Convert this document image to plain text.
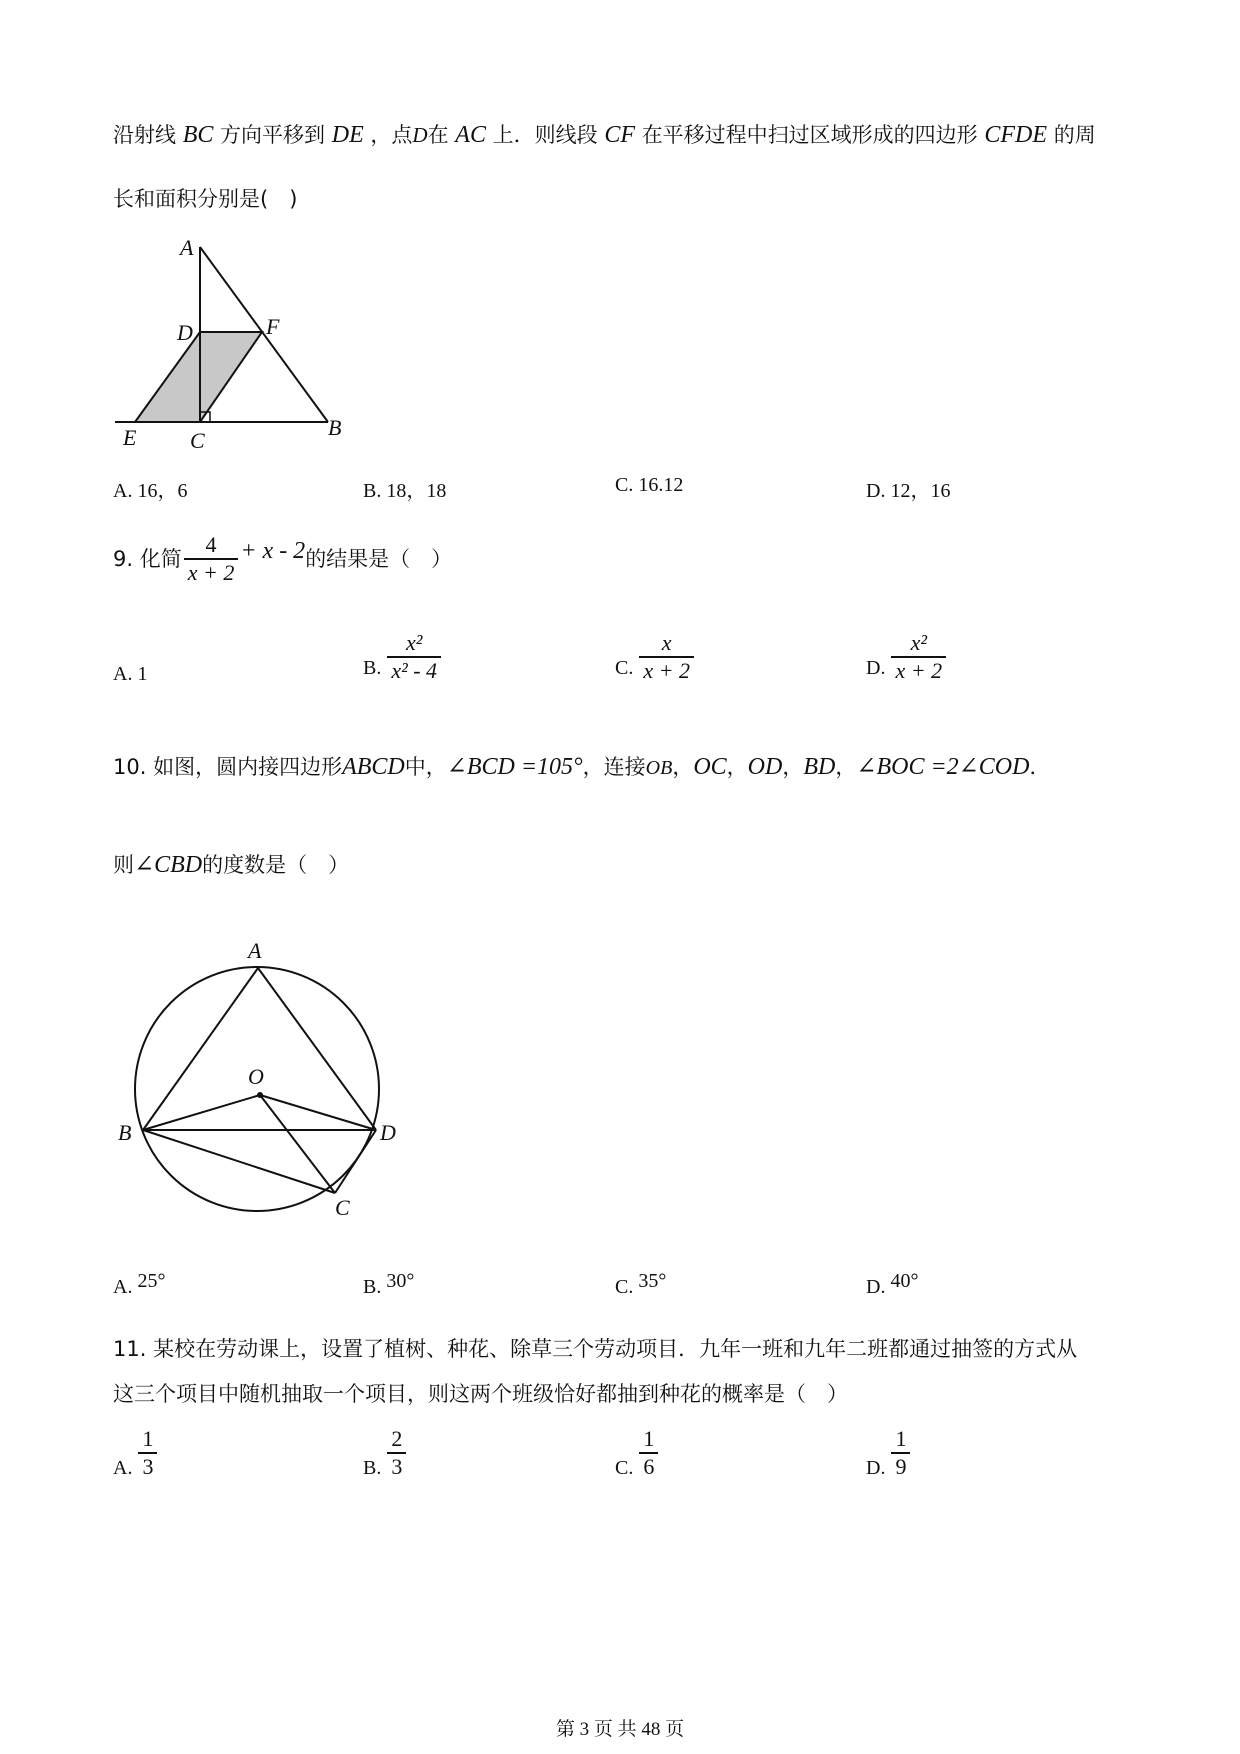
沿射线 BC 方向平移到 DE ，点D在 AC 上．则线段 CF 在平移过程中扫过区域形成的四边形 CFDE 的周
长和面积分别是(　)
A
D	F
E C
B
A. 16，6	B. 18，18	C. 16.12	D. 12，16
9. 化简 $\frac{4}{x + 2} + x - 2$ 的结果是（　）
A. 1	B. $\frac{\text{x²}}{\text{x² - 4}}$	C. $\frac{x}{x + 2}$	D. $\frac{\text{x²}}{x + 2}$
10. 如图，圆内接四边形ABCD中，∠BCD =105°，连接OB，OC，OD，BD，∠BOC =2∠COD．
则∠CBD的度数是（　）
A
O
B	D
C
A. 25°	B. 30°	C. 35°	D. 40°
11. 某校在劳动课上，设置了植树、种花、除草三个劳动项目．九年一班和九年二班都通过抽签的方式从
这三个项目中随机抽取一个项目，则这两个班级恰好都抽到种花的概率是（　）
A. $\frac{1}{3}$	B. $\frac{2}{3}$	C. $\frac{1}{6}$	D. $\frac{1}{9}$
第 3 页 共 48 页
